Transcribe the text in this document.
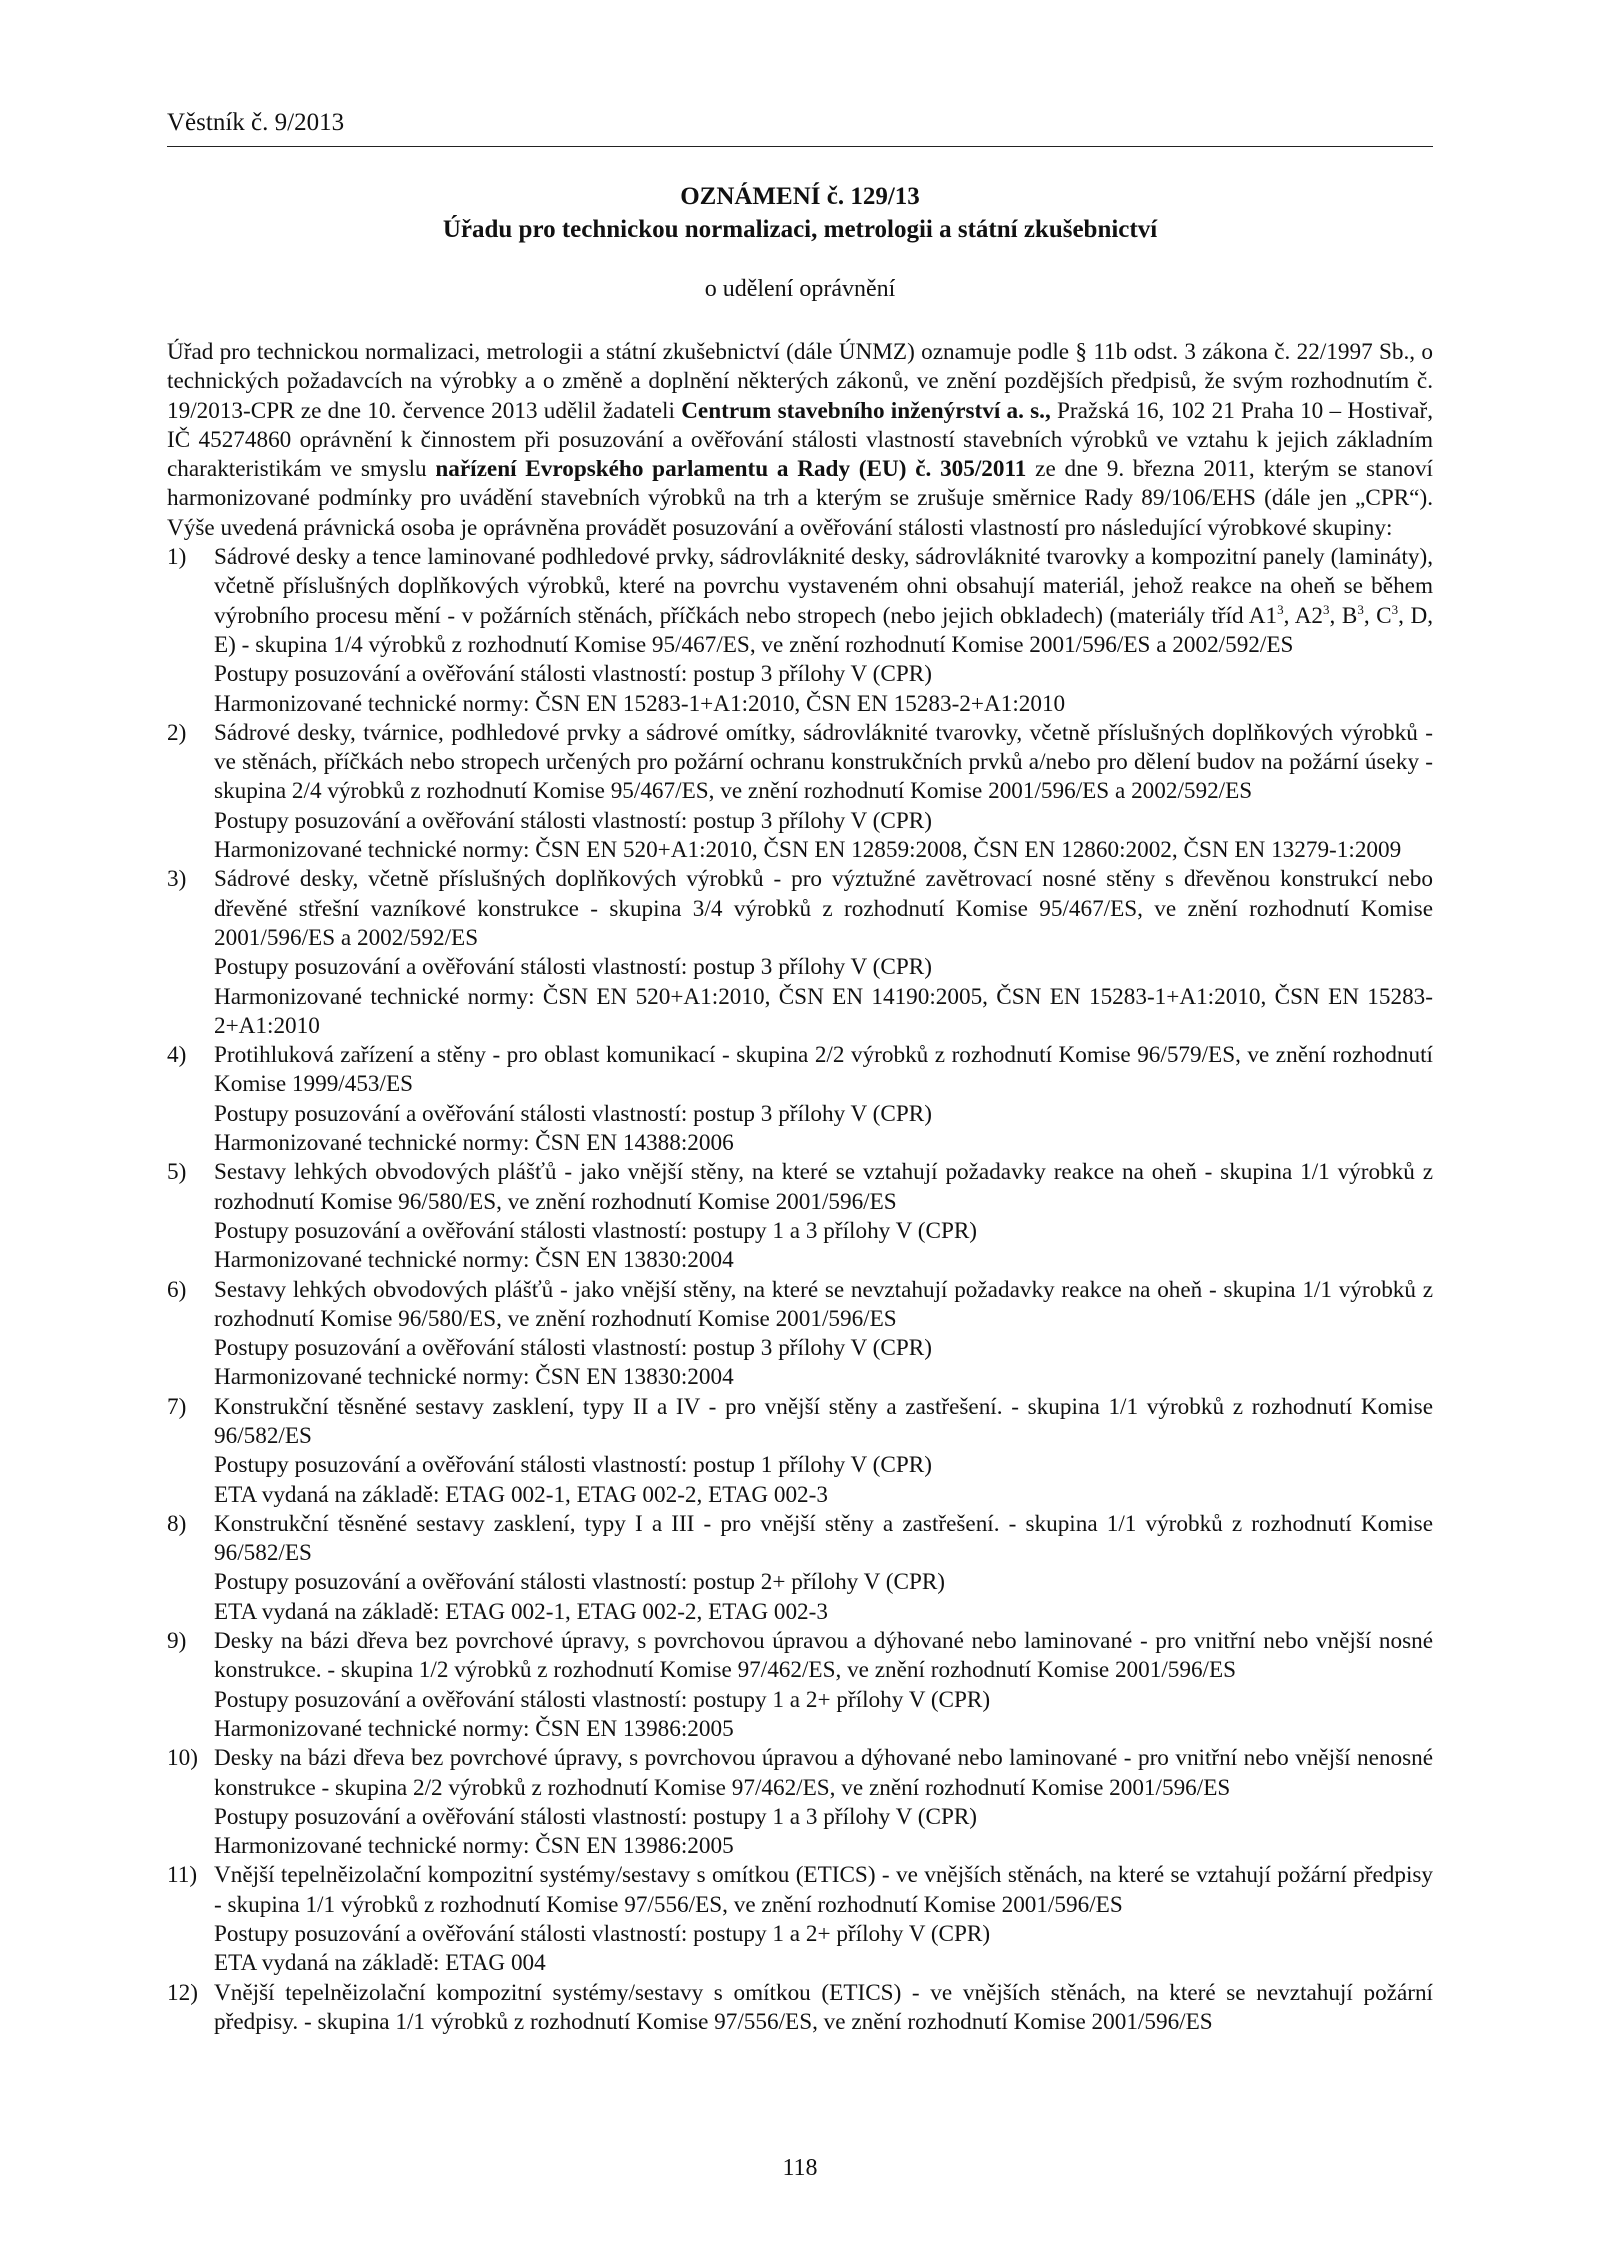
Věstník č. 9/2013
OZNÁMENÍ č. 129/13
Úřadu pro technickou normalizaci, metrologii a státní zkušebnictví
o udělení oprávnění

Úřad pro technickou normalizaci, metrologii a státní zkušebnictví (dále ÚNMZ) oznamuje podle § 11b odst. 3 zákona č. 22/1997 Sb., o technických požadavcích na výrobky a o změně a doplnění některých zákonů, ve znění pozdějších předpisů, že svým rozhodnutím č. 19/2013-CPR ze dne 10. července 2013 udělil žadateli Centrum stavebního inženýrství a. s., Pražská 16, 102 21 Praha 10 – Hostivař, IČ 45274860 oprávnění k činnostem při posuzování a ověřování stálosti vlastností stavebních výrobků ve vztahu k jejich základním charakteristikám ve smyslu nařízení Evropského parlamentu a Rady (EU) č. 305/2011 ze dne 9. března 2011, kterým se stanoví harmonizované podmínky pro uvádění stavebních výrobků na trh a kterým se zrušuje směrnice Rady 89/106/EHS (dále jen „CPR“). Výše uvedená právnická osoba je oprávněna provádět posuzování a ověřování stálosti vlastností pro následující výrobkové skupiny:

1)	Sádrové desky a tence laminované podhledové prvky, sádrovláknité desky, sádrovláknité tvarovky a kompozitní panely (lamináty), včetně příslušných doplňkových výrobků, které na povrchu vystaveném ohni obsahují materiál, jehož reakce na oheň se během výrobního procesu mění - v požárních stěnách, příčkách nebo stropech (nebo jejich obkladech) (materiály tříd $A1^3$, $A2^3$, $B^3$, $C^3$, D, E) - skupina 1/4 výrobků z rozhodnutí Komise 95/467/ES, ve znění rozhodnutí Komise 2001/596/ES a 2002/592/ES
Postupy posuzování a ověřování stálosti vlastností: postup 3 přílohy V (CPR)
Harmonizované technické normy: ČSN EN 15283-1+A1:2010, ČSN EN 15283-2+A1:2010
2)	Sádrové desky, tvárnice, podhledové prvky a sádrové omítky, sádrovláknité tvarovky, včetně příslušných doplňkových výrobků - ve stěnách, příčkách nebo stropech určených pro požární ochranu konstrukčních prvků a/nebo pro dělení budov na požární úseky - skupina 2/4 výrobků z rozhodnutí Komise 95/467/ES, ve znění rozhodnutí Komise 2001/596/ES a 2002/592/ES
Postupy posuzování a ověřování stálosti vlastností: postup 3 přílohy V (CPR)
Harmonizované technické normy: ČSN EN 520+A1:2010, ČSN EN 12859:2008, ČSN EN 12860:2002, ČSN EN 13279-1:2009
3)	Sádrové desky, včetně příslušných doplňkových výrobků - pro výztužné zavětrovací nosné stěny s dřevěnou konstrukcí nebo dřevěné střešní vazníkové konstrukce - skupina 3/4 výrobků z rozhodnutí Komise 95/467/ES, ve znění rozhodnutí Komise 2001/596/ES a 2002/592/ES
Postupy posuzování a ověřování stálosti vlastností: postup 3 přílohy V (CPR)
Harmonizované technické normy: ČSN EN 520+A1:2010, ČSN EN 14190:2005, ČSN EN 15283-1+A1:2010, ČSN EN 15283-2+A1:2010
4)	Protihluková zařízení a stěny - pro oblast komunikací - skupina 2/2 výrobků z rozhodnutí Komise 96/579/ES, ve znění rozhodnutí Komise 1999/453/ES
Postupy posuzování a ověřování stálosti vlastností: postup 3 přílohy V (CPR)
Harmonizované technické normy: ČSN EN 14388:2006
5)	Sestavy lehkých obvodových plášťů - jako vnější stěny, na které se vztahují požadavky reakce na oheň - skupina 1/1 výrobků z rozhodnutí Komise 96/580/ES, ve znění rozhodnutí Komise 2001/596/ES
Postupy posuzování a ověřování stálosti vlastností: postupy 1 a 3 přílohy V (CPR)
Harmonizované technické normy: ČSN EN 13830:2004
6)	Sestavy lehkých obvodových plášťů - jako vnější stěny, na které se nevztahují požadavky reakce na oheň - skupina 1/1 výrobků z rozhodnutí Komise 96/580/ES, ve znění rozhodnutí Komise 2001/596/ES
Postupy posuzování a ověřování stálosti vlastností: postup 3 přílohy V (CPR)
Harmonizované technické normy: ČSN EN 13830:2004
7)	Konstrukční těsněné sestavy zasklení, typy II a IV - pro vnější stěny a zastřešení. - skupina 1/1 výrobků z rozhodnutí Komise 96/582/ES
Postupy posuzování a ověřování stálosti vlastností: postup 1 přílohy V (CPR)
ETA vydaná na základě: ETAG 002-1, ETAG 002-2, ETAG 002-3
8)	Konstrukční těsněné sestavy zasklení, typy I a III - pro vnější stěny a zastřešení. - skupina 1/1 výrobků z rozhodnutí Komise 96/582/ES
Postupy posuzování a ověřování stálosti vlastností: postup 2+ přílohy V (CPR)
ETA vydaná na základě: ETAG 002-1, ETAG 002-2, ETAG 002-3
9)	Desky na bázi dřeva bez povrchové úpravy, s povrchovou úpravou a dýhované nebo laminované - pro vnitřní nebo vnější nosné konstrukce. - skupina 1/2 výrobků z rozhodnutí Komise 97/462/ES, ve znění rozhodnutí Komise 2001/596/ES
Postupy posuzování a ověřování stálosti vlastností: postupy 1 a 2+ přílohy V (CPR)
Harmonizované technické normy: ČSN EN 13986:2005
10) Desky na bázi dřeva bez povrchové úpravy, s povrchovou úpravou a dýhované nebo laminované - pro vnitřní nebo vnější nenosné konstrukce - skupina 2/2 výrobků z rozhodnutí Komise 97/462/ES, ve znění rozhodnutí Komise 2001/596/ES
Postupy posuzování a ověřování stálosti vlastností: postupy 1 a 3 přílohy V (CPR)
Harmonizované technické normy: ČSN EN 13986:2005
11) Vnější tepelněizolační kompozitní systémy/sestavy s omítkou (ETICS) - ve vnějších stěnách, na které se vztahují požární předpisy - skupina 1/1 výrobků z rozhodnutí Komise 97/556/ES, ve znění rozhodnutí Komise 2001/596/ES
Postupy posuzování a ověřování stálosti vlastností: postupy 1 a 2+ přílohy V (CPR)
ETA vydaná na základě: ETAG 004
12) Vnější tepelněizolační kompozitní systémy/sestavy s omítkou (ETICS) - ve vnějších stěnách, na které se nevztahují požární předpisy. - skupina 1/1 výrobků z rozhodnutí Komise 97/556/ES, ve znění rozhodnutí Komise 2001/596/ES
118
